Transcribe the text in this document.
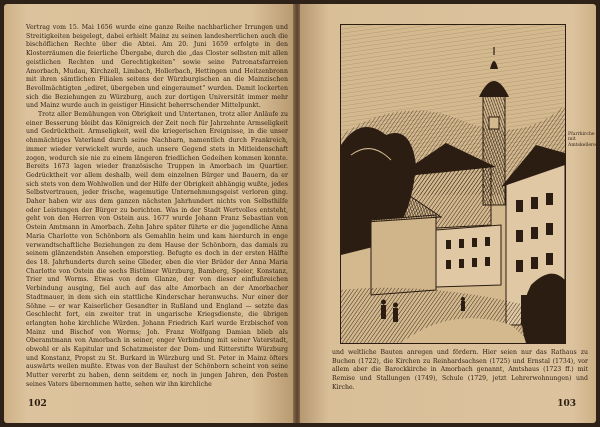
Vertrag vom 15. Mai 1656 wurde eine ganze Reihe nachbarlicher Irrungen und Streitigkeiten beigelegt, dabei erhielt Mainz zu seinen landesherrlichen auch die bischöflichen Rechte über die Abtei. Am 20. Juni 1659 erfolgte in den Klosterräumen die feierliche Übergabe, durch die „das Closter selbsten mit allen geistlichen Rechten und Gerechtigkeiten“ sowie seine Patronatsfarreien Amorbach, Mudau, Kirchzell, Limbach, Hollerbach, Hettingen und Heitzenbronn mit ihren sämtlichen Filialen seitens der Würzburgischen an die Mainzischen Bevollmächtigten „ediret, übergeben und eingeraumet“ wurden. Damit lockerten sich die Beziehungen zu Würzburg, auch zur dortigen Universität immer mehr und Mainz wurde auch in geistiger Hinsicht beherrschender Mittelpunkt.

Trotz aller Bemühungen von Obrigkeit und Untertanen, trotz aller Anläufe zu einer Besserung bleibt das Königreich der Zeit noch für Jahrzehnte Armseligkeit und Gedrücktheit. Armseligkeit, weil die kriegerischen Ereignisse, in die unser ohnmächtiges Vaterland durch seine Nachbarn, namentlich durch Frankreich, immer wieder verwickelt wurde, auch unsere Gegend stets in Mitleidenschaft zogen, wodurch sie nie zu einem längeren friedlichen Gedeihen kommen konnte. Bereits 1673 lagen wieder französische Truppen in Amorbach im Quartier. Gedrücktheit vor allem deshalb, weil dem einzelnen Bürger und Bauern, da er sich stets von dem Wohlwollen und der Hilfe der Obrigkeit abhängig wußte, jedes Selbstvertrauen, jeder frische, wagemutige Unternehmungsgeist verloren ging. Daher haben wir aus dem ganzen nächsten Jahrhundert nichts von Selbsthilfe oder Leistungen der Bürger zu berichten. Was in der Stadt Wertvolles entsteht, geht von den Herren von Ostein aus. 1677 wurde Johann Franz Sebastian von Ostein Amtmann in Amorbach. Zehn Jahre später führte er die jugendliche Anna Maria Charlotte von Schönborn als Gemahlin heim und kam hierdurch in enge verwandtschaftliche Beziehungen zu dem Hause der Schönborn, das damals zu seinem glänzendsten Ansehen emporstieg. Befugte es doch in der ersten Hälfte des 18. Jahrhunderts durch seine Glieder, eben die vier Brüder der Anna Maria Charlotte von Ostein die sechs Bistümer Würzburg, Bamberg, Speier, Konstanz, Trier und Worms. Etwas von dem Glanze, der von dieser einflußreichen Verbindung ausging, fiel auch auf das alte Amorbach an der Amorbacher Stadtmauer, in dem sich ein stattliche Kinderschar heranwuchs. Nur einer der Söhne — er war Kaiserlicher Gesandter in Rußland und England — setzte das Geschlecht fort, ein zweiter trat in ungarische Kriegsdienste, die übrigen erlangten hohe kirchliche Würden. Johann Friedrich Karl wurde Erzbischof von Mainz und Bischof von Worms; Joh. Franz Wolfgang Damian blieb als Oberamtmann von Amorbach in seiner, enger Verbindung mit seiner Vaterstadt, obwohl er als Kapitular und Schatzmeister der Dom- und Ritterstifte Würzburg und Konstanz, Propst zu St. Burkard in Würzburg und St. Peter in Mainz öfters auswärts weilen mußte. Etwas von der Baulust der Schönborn scheint von seine Mutter vererbt zu haben, denn seitdem er, noch in jungen Jahren, den Posten seines Vaters übernommen hatte, sehen wir ihn kirchliche

102
Pfarrkirche mit Amtskellerei

und weltliche Bauten anregen und fördern. Hier seien nur das Rathaus zu Buchen (1722), die Kirchen zu Reinhardsachsen (1725) und Ernstal (1734), vor allem aber die Barockkirche in Amorbach genannt, Amtshaus (1723 ff.) mit Remise und Stallungen (1749), Schule (1729, jetzt Lehrerwohnungen) und Kirche.

103
